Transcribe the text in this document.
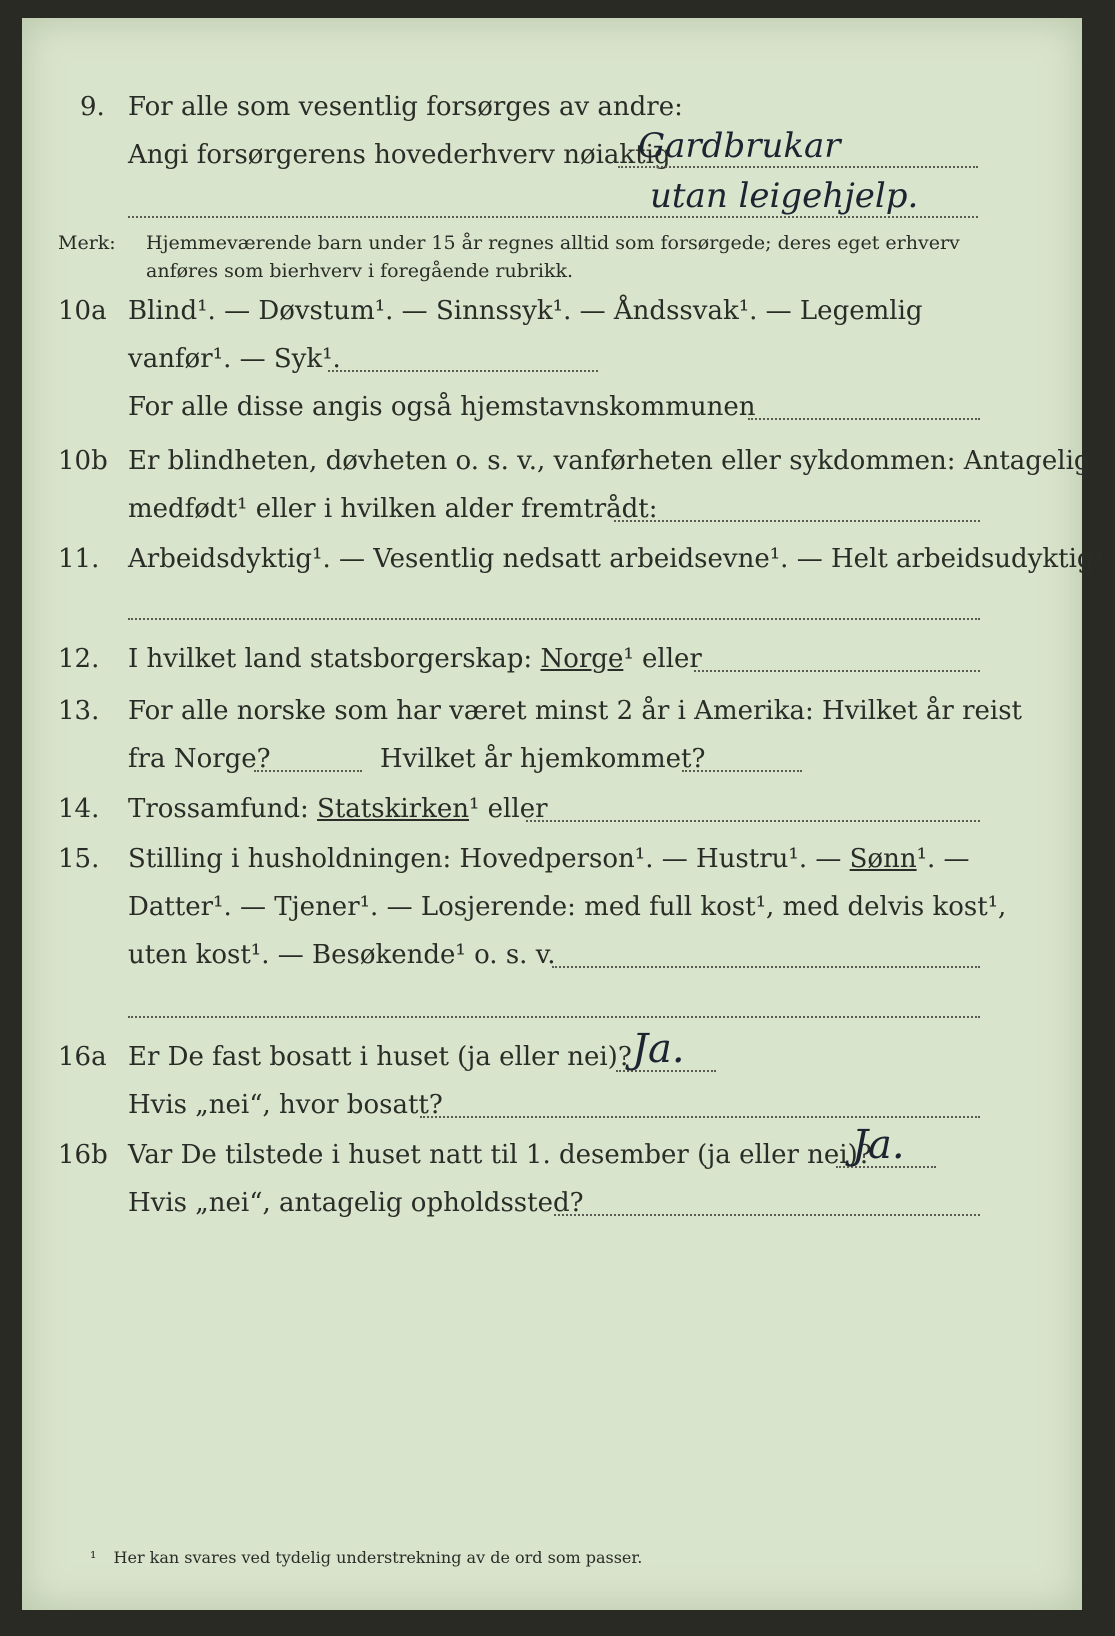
9. For alle som vesentlig forsørges av andre:
Angi forsørgerens hovederhverv nøiaktig
Gardbrukar
utan leigehjelp.
Merk: Hjemmeværende barn under 15 år regnes alltid som forsørgede; deres eget erhverv
anføres som bierhverv i foregående rubrikk.
10a Blind¹. — Døvstum¹. — Sinnssyk¹. — Åndssvak¹. — Legemlig
vanfør¹. — Syk¹.
For alle disse angis også hjemstavnskommunen
10b Er blindheten, døvheten o. s. v., vanførheten eller sykdommen: Antagelig
medfødt¹ eller i hvilken alder fremtrådt:
11. Arbeidsdyktig¹. — Vesentlig nedsatt arbeidsevne¹. — Helt arbeidsudyktig¹.
12. I hvilket land statsborgerskap: Norge¹ eller
13. For alle norske som har været minst 2 år i Amerika: Hvilket år reist
fra Norge?	Hvilket år hjemkommet?
14. Trossamfund: Statskirken¹ eller
15. Stilling i husholdningen: Hovedperson¹. — Hustru¹. — Sønn¹. —
Datter¹. — Tjener¹. — Losjerende: med full kost¹, med delvis kost¹,
uten kost¹. — Besøkende¹ o. s. v.
16a Er De fast bosatt i huset (ja eller nei)? Ja.
Hvis „nei“, hvor bosatt?
16b Var De tilstede i huset natt til 1. desember (ja eller nei)?
Ja.
Hvis „nei“, antagelig opholdssted?
¹ Her kan svares ved tydelig understrekning av de ord som passer.
